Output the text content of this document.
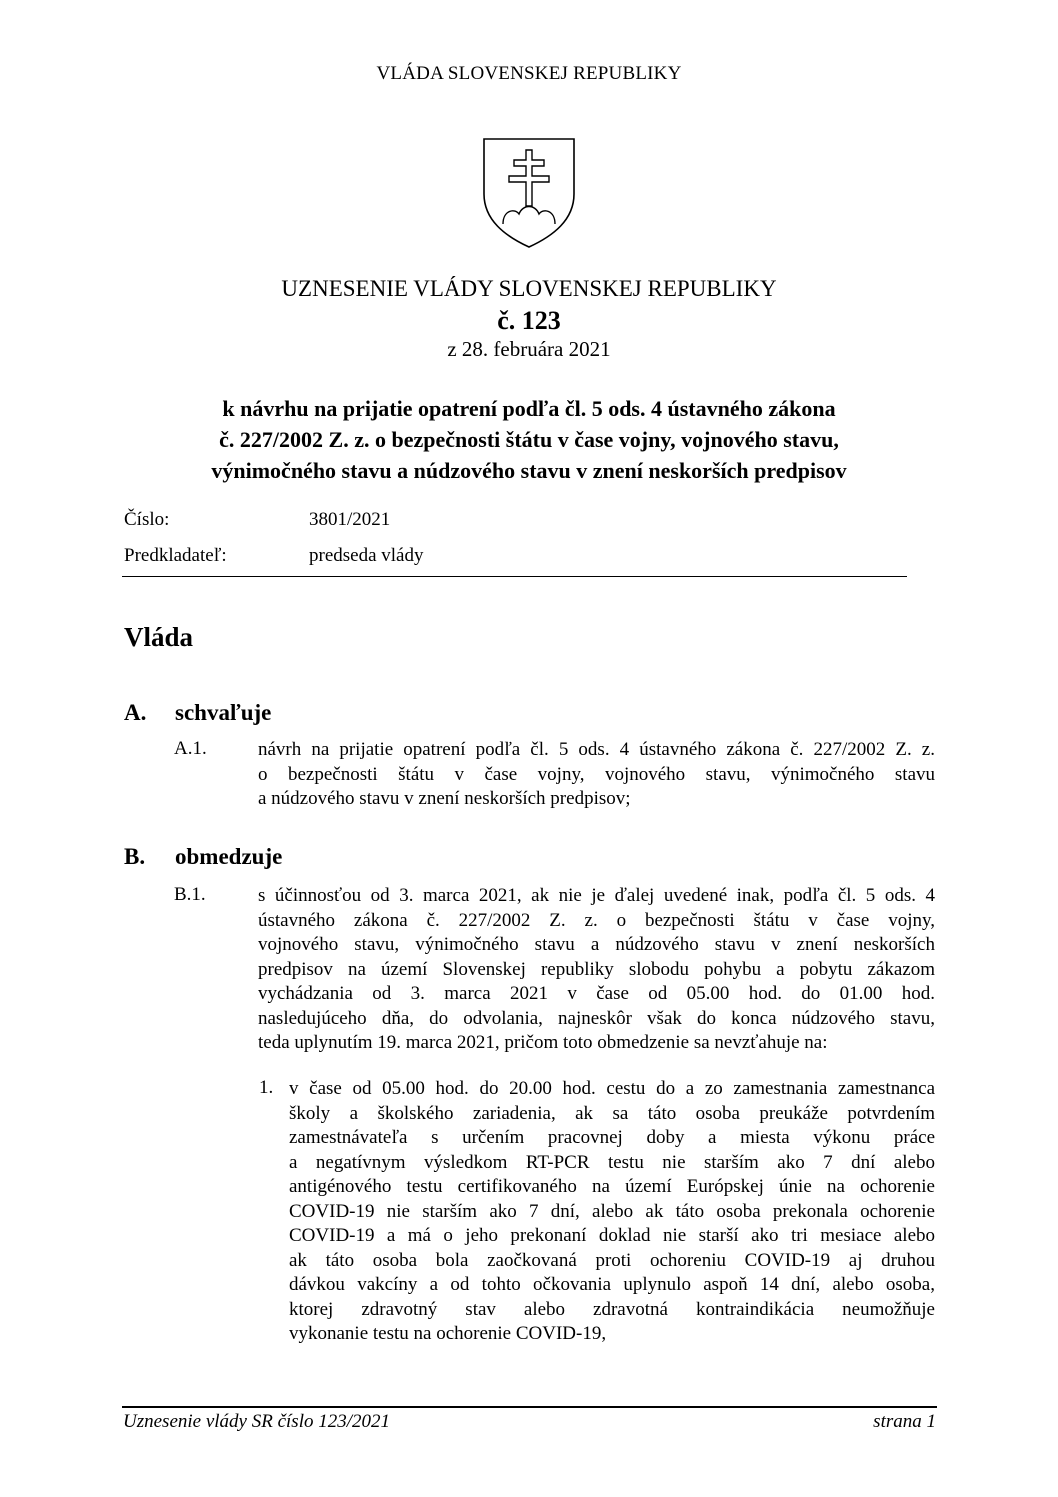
VLÁDA SLOVENSKEJ REPUBLIKY
UZNESENIE VLÁDY SLOVENSKEJ REPUBLIKY
č. 123
z 28. februára 2021
k návrhu na prijatie opatrení podľa čl. 5 ods. 4 ústavného zákona
č. 227/2002 Z. z. o bezpečnosti štátu v čase vojny, vojnového stavu,
výnimočného stavu a núdzového stavu v znení neskorších predpisov
Číslo:	3801/2021
Predkladateľ:	predseda vlády
Vláda
A. schvaľuje
A.1.	návrh na prijatie opatrení podľa čl. 5 ods. 4 ústavného zákona č. 227/2002 Z. z.
o bezpečnosti štátu v čase vojny, vojnového stavu, výnimočného stavu
a núdzového stavu v znení neskorších predpisov;
B. obmedzuje
B.1.	s účinnosťou od 3. marca 2021, ak nie je ďalej uvedené inak, podľa čl. 5 ods. 4
ústavného zákona č. 227/2002 Z. z. o bezpečnosti štátu v čase vojny,
vojnového stavu, výnimočného stavu a núdzového stavu v znení neskorších
predpisov na území Slovenskej republiky slobodu pohybu a pobytu zákazom
vychádzania od 3. marca 2021 v čase od 05.00 hod. do 01.00 hod.
nasledujúceho dňa, do odvolania, najneskôr však do konca núdzového stavu,
teda uplynutím 19. marca 2021, pričom toto obmedzenie sa nevzťahuje na:
1. v čase od 05.00 hod. do 20.00 hod. cestu do a zo zamestnania zamestnanca
školy a školského zariadenia, ak sa táto osoba preukáže potvrdením
zamestnávateľa s určením pracovnej doby a miesta výkonu práce
a negatívnym výsledkom RT-PCR testu nie starším ako 7 dní alebo
antigénového testu certifikovaného na území Európskej únie na ochorenie
COVID-19 nie starším ako 7 dní, alebo ak táto osoba prekonala ochorenie
COVID-19 a má o jeho prekonaní doklad nie starší ako tri mesiace alebo
ak táto osoba bola zaočkovaná proti ochoreniu COVID-19 aj druhou
dávkou vakcíny a od tohto očkovania uplynulo aspoň 14 dní, alebo osoba,
ktorej zdravotný stav alebo zdravotná kontraindikácia neumožňuje
vykonanie testu na ochorenie COVID-19,
Uznesenie vlády SR číslo 123/2021	strana 1
